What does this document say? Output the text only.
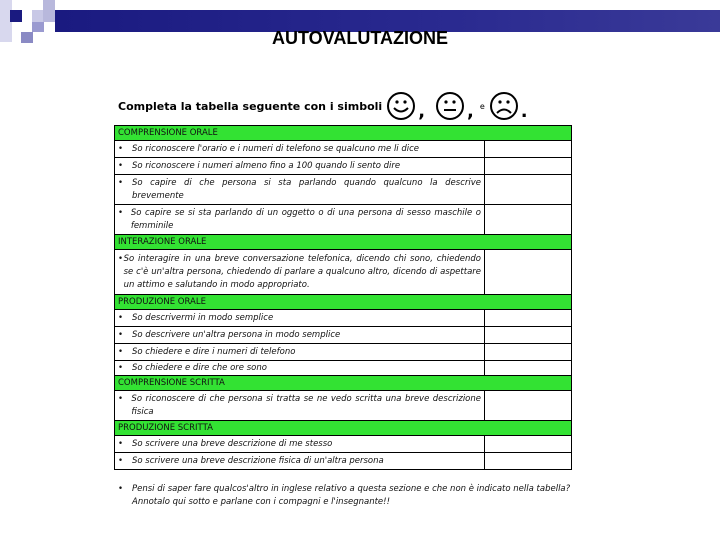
AUTOVALUTAZIONE
Completa la tabella seguente con i simboli , , e .
COMPRENSIONE ORALE	

• So riconoscere l'orario e i numeri di telefono se qualcuno me li dice	

• So riconoscere i numeri almeno fino a 100 quando li sento dire	

• So capire di che persona si sta parlando quando qualcuno la descrive brevemente	

• So capire se si sta parlando di un oggetto o di una persona di sesso maschile o femminile	

INTERAZIONE ORALE	

• So interagire in una breve conversazione telefonica, dicendo chi sono, chiedendo se c'è un'altra persona, chiedendo di parlare a qualcuno altro, dicendo di aspettare un attimo e salutando in modo appropriato.	

PRODUZIONE ORALE	

• So descrivermi in modo semplice	

• So descrivere un'altra persona in modo semplice	

• So chiedere e dire i numeri di telefono	

• So chiedere e dire che ore sono	

COMPRENSIONE SCRITTA	

• So riconoscere di che persona si tratta se ne vedo scritta una breve descrizione fisica	

PRODUZIONE SCRITTA	

• So scrivere una breve descrizione di me stesso	

• So scrivere una breve descrizione fisica di un'altra persona	

• Pensi di saper fare qualcos'altro in inglese relativo a questa sezione e che non è indicato nella tabella? Annotalo qui sotto e parlane con i compagni e l'insegnante!!
